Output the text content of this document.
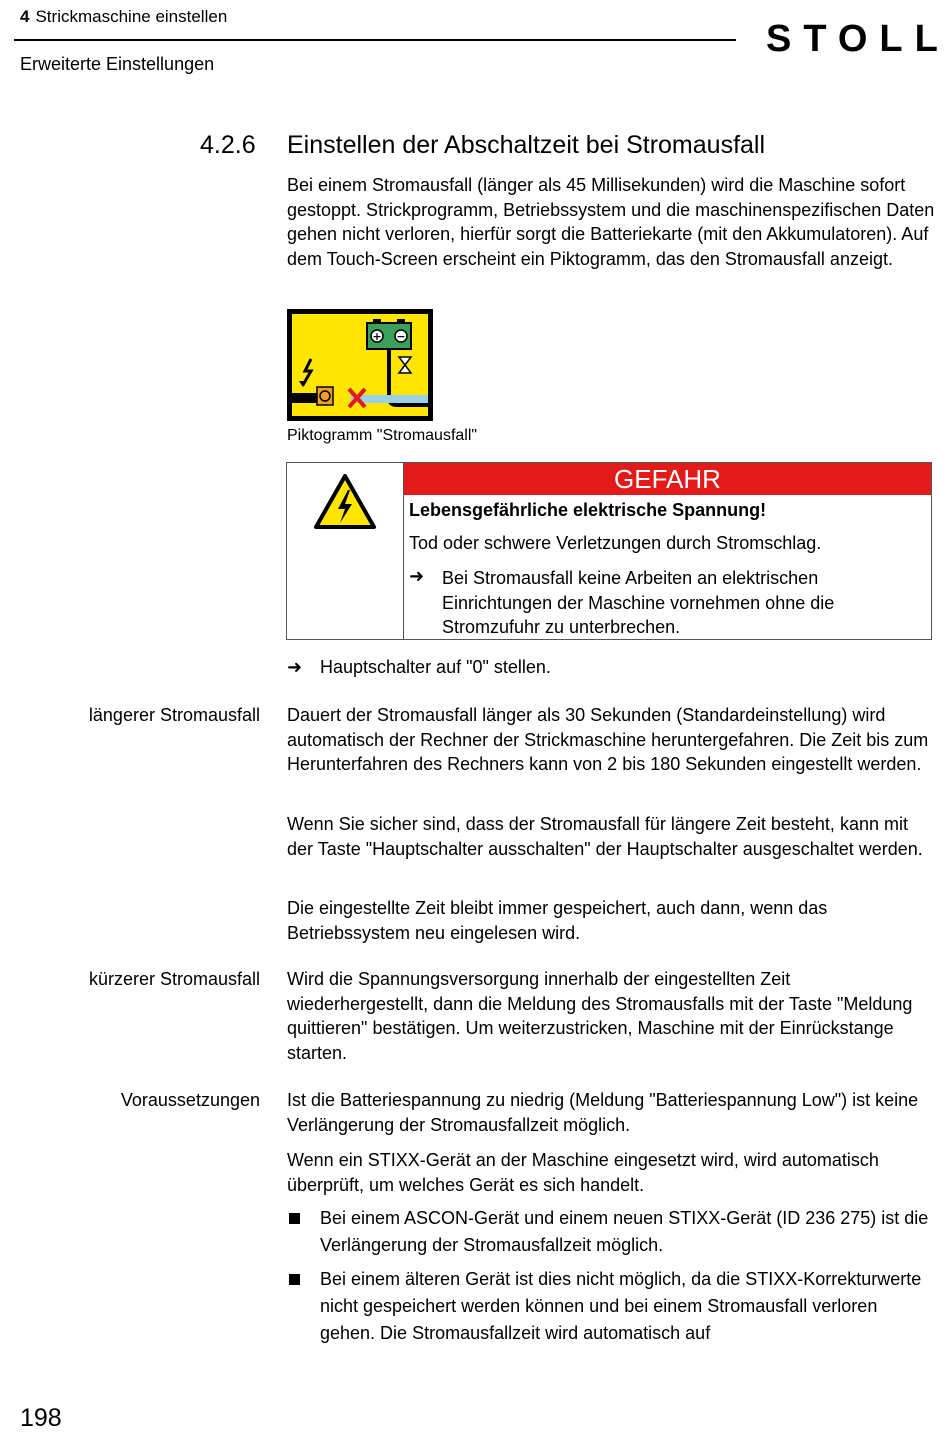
4 Strickmaschine einstellen
Erweiterte Einstellungen
STOLL
4.2.6 Einstellen der Abschaltzeit bei Stromausfall
Bei einem Stromausfall (länger als 45 Millisekunden) wird die Maschine sofort gestoppt. Strickprogramm, Betriebssystem und die maschinenspezifischen Daten gehen nicht verloren, hierfür sorgt die Batteriekarte (mit den Akkumulatoren). Auf dem Touch-Screen erscheint ein Piktogramm, das den Stromausfall anzeigt.
+ −
Piktogramm "Stromausfall"
GEFAHR
Lebensgefährliche elektrische Spannung!
Tod oder schwere Verletzungen durch Stromschlag.
➜ Bei Stromausfall keine Arbeiten an elektrischen Einrichtungen der Maschine vornehmen ohne die Stromzufuhr zu unterbrechen.
➜ Hauptschalter auf "0" stellen.
längerer Stromausfall Dauert der Stromausfall länger als 30 Sekunden (Standardeinstellung) wird automatisch der Rechner der Strickmaschine heruntergefahren. Die Zeit bis zum Herunterfahren des Rechners kann von 2 bis 180 Sekunden eingestellt werden.
Wenn Sie sicher sind, dass der Stromausfall für längere Zeit besteht, kann mit der Taste "Hauptschalter ausschalten" der Hauptschalter ausgeschaltet werden.
Die eingestellte Zeit bleibt immer gespeichert, auch dann, wenn das Betriebssystem neu eingelesen wird.
kürzerer Stromausfall Wird die Spannungsversorgung innerhalb der eingestellten Zeit wiederhergestellt, dann die Meldung des Stromausfalls mit der Taste "Meldung quittieren" bestätigen. Um weiterzustricken, Maschine mit der Einrückstange starten.
Voraussetzungen Ist die Batteriespannung zu niedrig (Meldung "Batteriespannung Low") ist keine Verlängerung der Stromausfallzeit möglich.
Wenn ein STIXX-Gerät an der Maschine eingesetzt wird, wird automatisch überprüft, um welches Gerät es sich handelt.
Bei einem ASCON-Gerät und einem neuen STIXX-Gerät (ID 236 275) ist die Verlängerung der Stromausfallzeit möglich.
Bei einem älteren Gerät ist dies nicht möglich, da die STIXX-Korrekturwerte nicht gespeichert werden können und bei einem Stromausfall verloren gehen. Die Stromausfallzeit wird automatisch auf
198
